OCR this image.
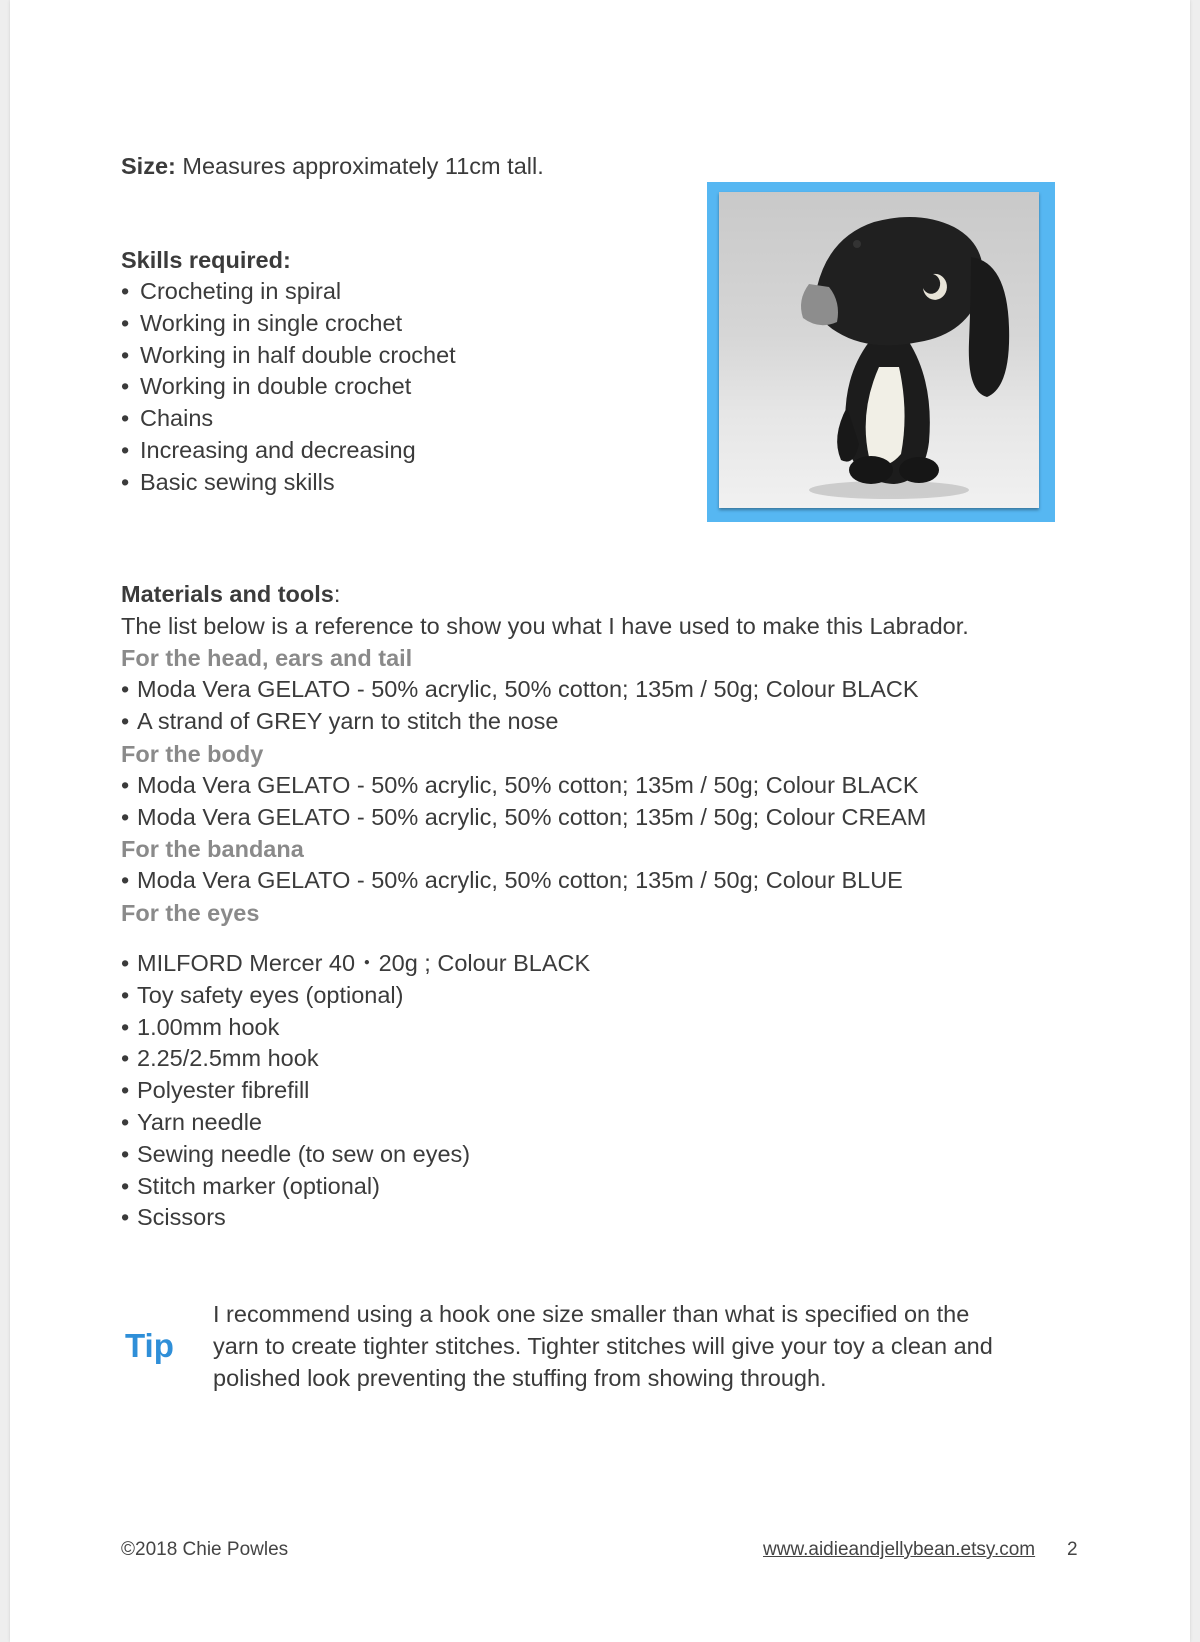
Size: Measures approximately 11cm tall.

Skills required:

• Crocheting in spiral
• Working in single crochet
• Working in half double crochet
• Working in double crochet
• Chains
• Increasing and decreasing
• Basic sewing skills

Materials and tools:

The list below is a reference to show you what I have used to make this Labrador.

For the head, ears and tail

• Moda Vera GELATO - 50% acrylic, 50% cotton; 135m / 50g; Colour BLACK
• A strand of GREY yarn to stitch the nose

For the body

• Moda Vera GELATO - 50% acrylic, 50% cotton; 135m / 50g; Colour BLACK
• Moda Vera GELATO - 50% acrylic, 50% cotton; 135m / 50g; Colour CREAM

For the bandana

• Moda Vera GELATO - 50% acrylic, 50% cotton; 135m / 50g; Colour BLUE

For the eyes

• MILFORD Mercer 40・20g ; Colour BLACK
• Toy safety eyes (optional)
• 1.00mm hook
• 2.25/2.5mm hook
• Polyester fibrefill
• Yarn needle
• Sewing needle (to sew on eyes)
• Stitch marker (optional)
• Scissors
Tip
I recommend using a hook one size smaller than what is specified on the
yarn to create tighter stitches. Tighter stitches will give your toy a clean and
polished look preventing the stuffing from showing through.
©2018 Chie Powles	www.aidieandjellybean.etsy.com 2
